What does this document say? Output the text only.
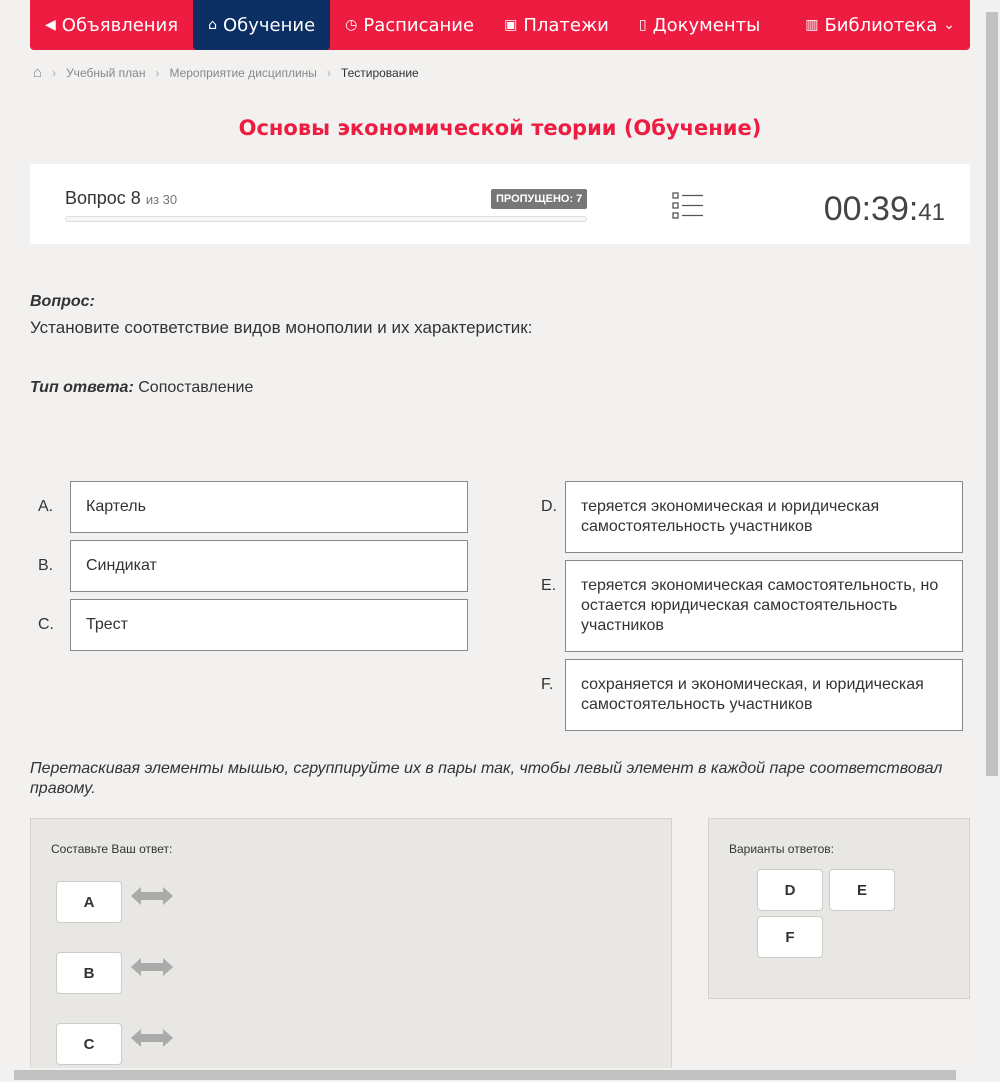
◀ Объявления ⌂ Обучение ◷ Расписание ▣ Платежи ▯ Документы	▥ Библиотека ⌄
⌂ › Учебный план › Мероприятие дисциплины › Тестирование
Основы экономической теории (Обучение)
Вопрос 8 из 30	ПРОПУЩЕНО: 7	00:39:41
Вопрос:
Установите соответствие видов монополии и их характеристик:
Тип ответа: Сопоставление
A.	Картель
B.	Синдикат
C.	Трест
D.	теряется экономическая и юридическая самостоятельность участников
E.	теряется экономическая самостоятельность, но остается юридическая самостоятельность участников
F.	сохраняется и экономическая, и юридическая самостоятельность участников
Перетаскивая элементы мышью, сгруппируйте их в пары так, чтобы левый элемент в каждой паре соответствовал правому.
Составьте Ваш ответ:
A
B
C
Варианты ответов:
D	E
F
